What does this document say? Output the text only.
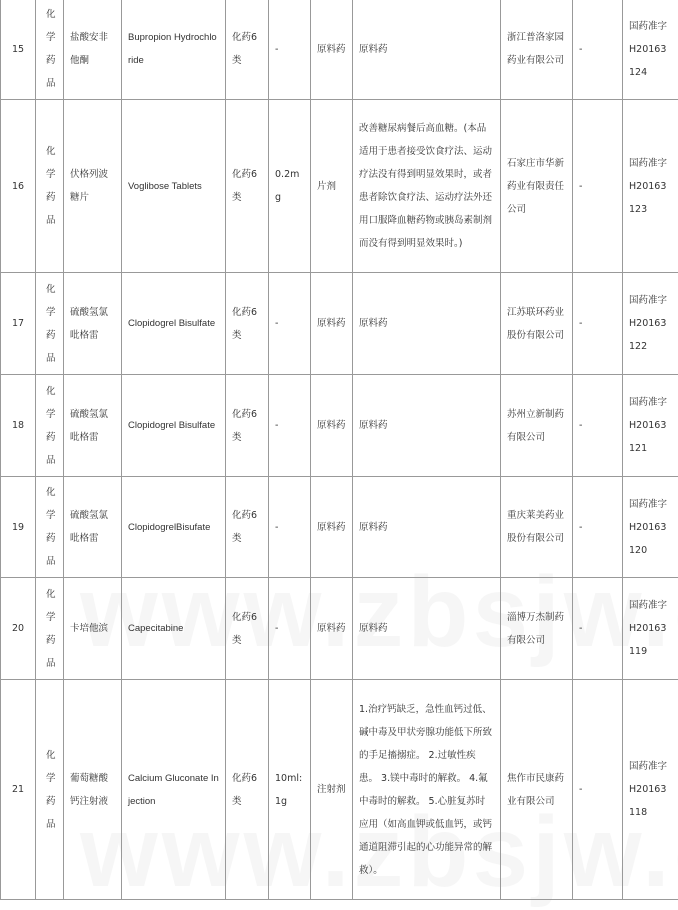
15	化学药品	盐酸安非他酮	Bupropion Hydrochloride	化药6类	-	原料药	原料药	浙江普洛家园药业有限公司	-	国药准字H20163124
16	化学药品	伏格列波糖片	Voglibose Tablets	化药6类	0.2mg	片剂	改善糖尿病餐后高血糖。(本品适用于患者接受饮食疗法、运动疗法没有得到明显效果时，或者患者除饮食疗法、运动疗法外还用口服降血糖药物或胰岛素制剂而没有得到明显效果时。)	石家庄市华新药业有限责任公司	-	国药准字H20163123
17	化学药品	硫酸氢氯吡格雷	Clopidogrel Bisulfate	化药6类	-	原料药	原料药	江苏联环药业股份有限公司	-	国药准字H20163122
18	化学药品	硫酸氢氯吡格雷	Clopidogrel Bisulfate	化药6类	-	原料药	原料药	苏州立新制药有限公司	-	国药准字H20163121
19	化学药品	硫酸氢氯吡格雷	ClopidogrelBisufate	化药6类	-	原料药	原料药	重庆莱美药业股份有限公司	-	国药准字H20163120
20	化学药品	卡培他滨	Capecitabine	化药6类	-	原料药	原料药	淄博万杰制药有限公司	-	国药准字H20163119
21	化学药品	葡萄糖酸钙注射液	Calcium Gluconate Injection	化药6类	10ml:1g	注射剂	1.治疗钙缺乏，急性血钙过低、碱中毒及甲状旁腺功能低下所致的手足搐搦症。 2.过敏性疾患。 3.镁中毒时的解救。 4.氟中毒时的解救。 5.心脏复苏时应用（如高血钾或低血钙，或钙通道阻滞引起的心功能异常的解救）。	焦作市民康药业有限公司	-	国药准字H20163118
